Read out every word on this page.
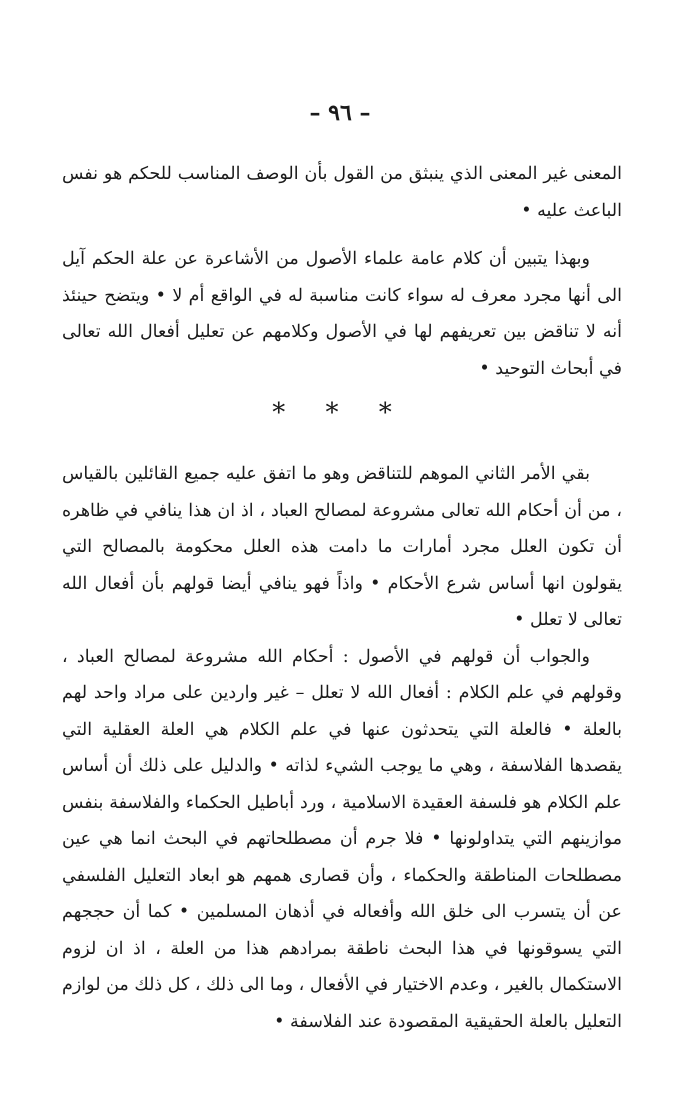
– ٩٦ –

المعنى غير المعنى الذي ينبثق من القول بأن الوصف المناسب للحكم هو نفس الباعث عليه •

وبهذا يتبين أن كلام عامة علماء الأصول من الأشاعرة عن علة الحكم آيل الى أنها مجرد معرف له سواء كانت مناسبة له في الواقع أم لا • ويتضح حينئذ أنه لا تناقض بين تعريفهم لها في الأصول وكلامهم عن تعليل أفعال الله تعالى في أبحاث التوحيد •

* * *

بقي الأمر الثاني الموهم للتناقض وهو ما اتفق عليه جميع القائلين بالقياس ، من أن أحكام الله تعالى مشروعة لمصالح العباد ، اذ ان هذا ينافي في ظاهره أن تكون العلل مجرد أمارات ما دامت هذه العلل محكومة بالمصالح التي يقولون انها أساس شرع الأحكام • واذاً فهو ينافي أيضا قولهم بأن أفعال الله تعالى لا تعلل •

والجواب أن قولهم في الأصول : أحكام الله مشروعة لمصالح العباد ، وقولهم في علم الكلام : أفعال الله لا تعلل – غير واردين على مراد واحد لهم بالعلة • فالعلة التي يتحدثون عنها في علم الكلام هي العلة العقلية التي يقصدها الفلاسفة ، وهي ما يوجب الشيء لذاته • والدليل على ذلك أن أساس علم الكلام هو فلسفة العقيدة الاسلامية ، ورد أباطيل الحكماء والفلاسفة بنفس موازينهم التي يتداولونها • فلا جرم أن مصطلحاتهم في البحث انما هي عين مصطلحات المناطقة والحكماء ، وأن قصارى همهم هو ابعاد التعليل الفلسفي عن أن يتسرب الى خلق الله وأفعاله في أذهان المسلمين • كما أن حججهم التي يسوقونها في هذا البحث ناطقة بمرادهم هذا من العلة ، اذ ان لزوم الاستكمال بالغير ، وعدم الاختيار في الأفعال ، وما الى ذلك ، كل ذلك من لوازم التعليل بالعلة الحقيقية المقصودة عند الفلاسفة •
